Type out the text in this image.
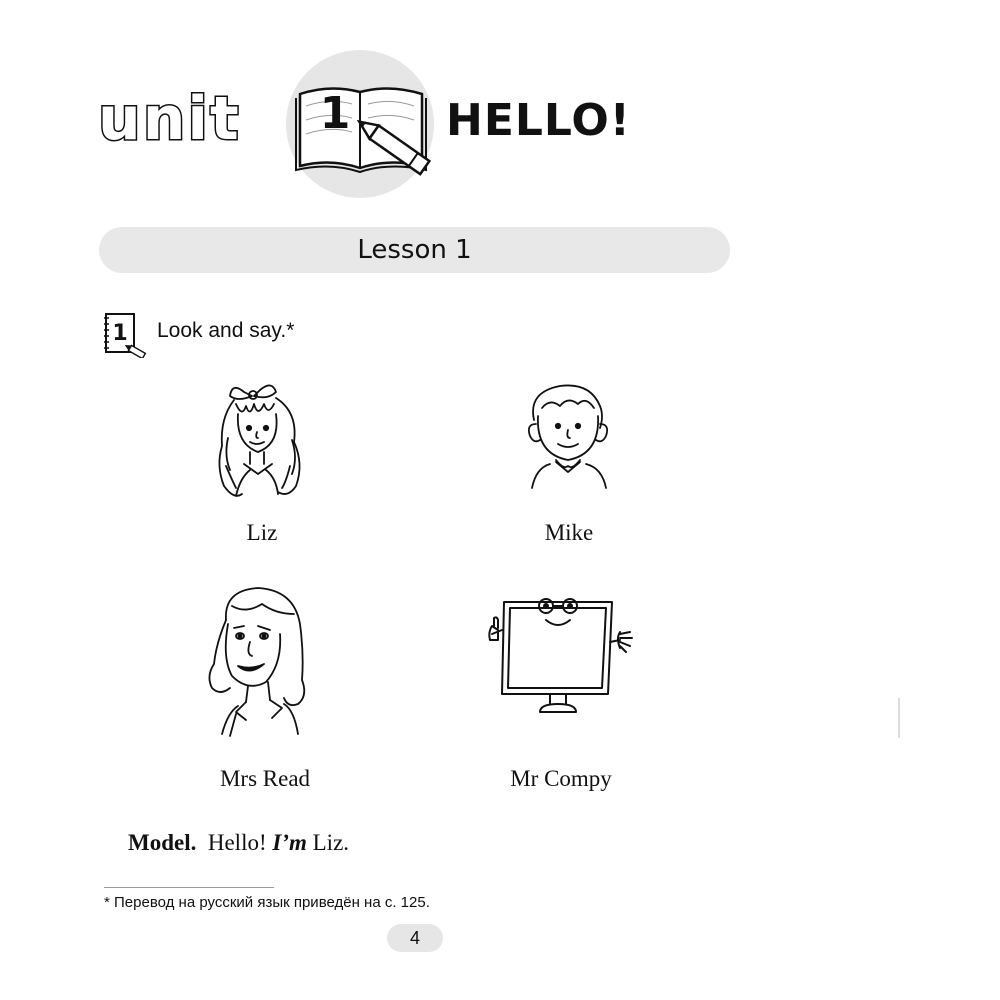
unit	1 HELLO!
Lesson 1
1 Look and say.*
Liz	Mike
Mrs Read	Mr Compy
Model. Hello! I’m Liz.
* Перевод на русский язык приведён на с. 125.
4
